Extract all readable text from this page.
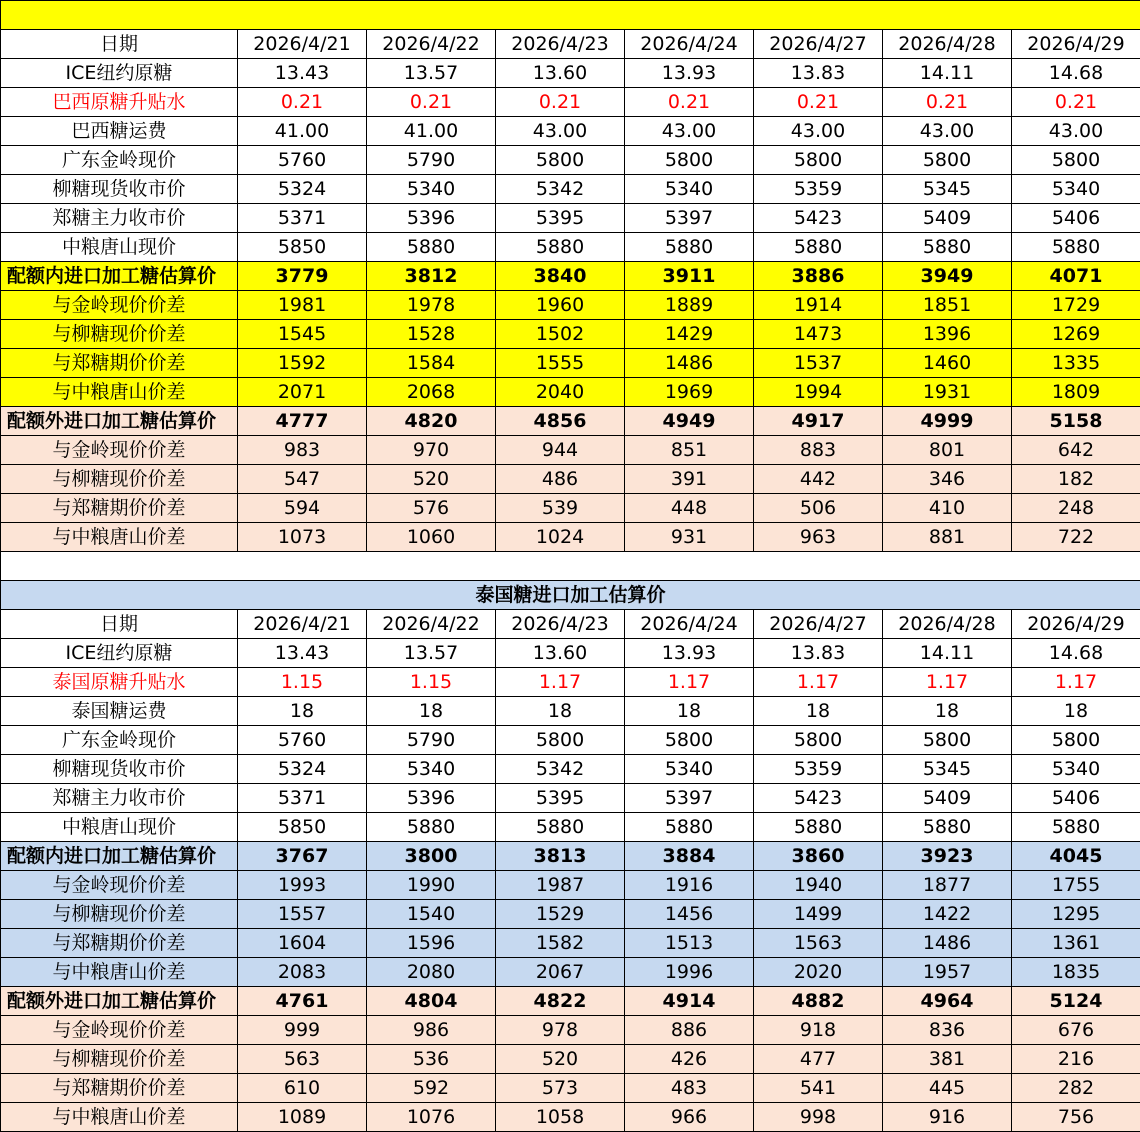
日期	2026/4/21	2026/4/22	2026/4/23	2026/4/24	2026/4/27	2026/4/28	2026/4/29
ICE纽约原糖	13.43	13.57	13.60	13.93	13.83	14.11	14.68
巴西原糖升贴水	0.21	0.21	0.21	0.21	0.21	0.21	0.21
巴西糖运费	41.00	41.00	43.00	43.00	43.00	43.00	43.00
广东金岭现价	5760	5790	5800	5800	5800	5800	5800
柳糖现货收市价	5324	5340	5342	5340	5359	5345	5340
郑糖主力收市价	5371	5396	5395	5397	5423	5409	5406
中粮唐山现价	5850	5880	5880	5880	5880	5880	5880
配额内进口加工糖估算价	3779	3812	3840	3911	3886	3949	4071
与金岭现价价差	1981	1978	1960	1889	1914	1851	1729
与柳糖现价价差	1545	1528	1502	1429	1473	1396	1269
与郑糖期价价差	1592	1584	1555	1486	1537	1460	1335
与中粮唐山价差	2071	2068	2040	1969	1994	1931	1809
配额外进口加工糖估算价	4777	4820	4856	4949	4917	4999	5158
与金岭现价价差	983	970	944	851	883	801	642
与柳糖现价价差	547	520	486	391	442	346	182
与郑糖期价价差	594	576	539	448	506	410	248
与中粮唐山价差	1073	1060	1024	931	963	881	722

泰国糖进口加工估算价							
日期	2026/4/21	2026/4/22	2026/4/23	2026/4/24	2026/4/27	2026/4/28	2026/4/29
ICE纽约原糖	13.43	13.57	13.60	13.93	13.83	14.11	14.68
泰国原糖升贴水	1.15	1.15	1.17	1.17	1.17	1.17	1.17
泰国糖运费	18	18	18	18	18	18	18
广东金岭现价	5760	5790	5800	5800	5800	5800	5800
柳糖现货收市价	5324	5340	5342	5340	5359	5345	5340
郑糖主力收市价	5371	5396	5395	5397	5423	5409	5406
中粮唐山现价	5850	5880	5880	5880	5880	5880	5880
配额内进口加工糖估算价	3767	3800	3813	3884	3860	3923	4045
与金岭现价价差	1993	1990	1987	1916	1940	1877	1755
与柳糖现价价差	1557	1540	1529	1456	1499	1422	1295
与郑糖期价价差	1604	1596	1582	1513	1563	1486	1361
与中粮唐山价差	2083	2080	2067	1996	2020	1957	1835
配额外进口加工糖估算价	4761	4804	4822	4914	4882	4964	5124
与金岭现价价差	999	986	978	886	918	836	676
与柳糖现价价差	563	536	520	426	477	381	216
与郑糖期价价差	610	592	573	483	541	445	282
与中粮唐山价差	1089	1076	1058	966	998	916	756
